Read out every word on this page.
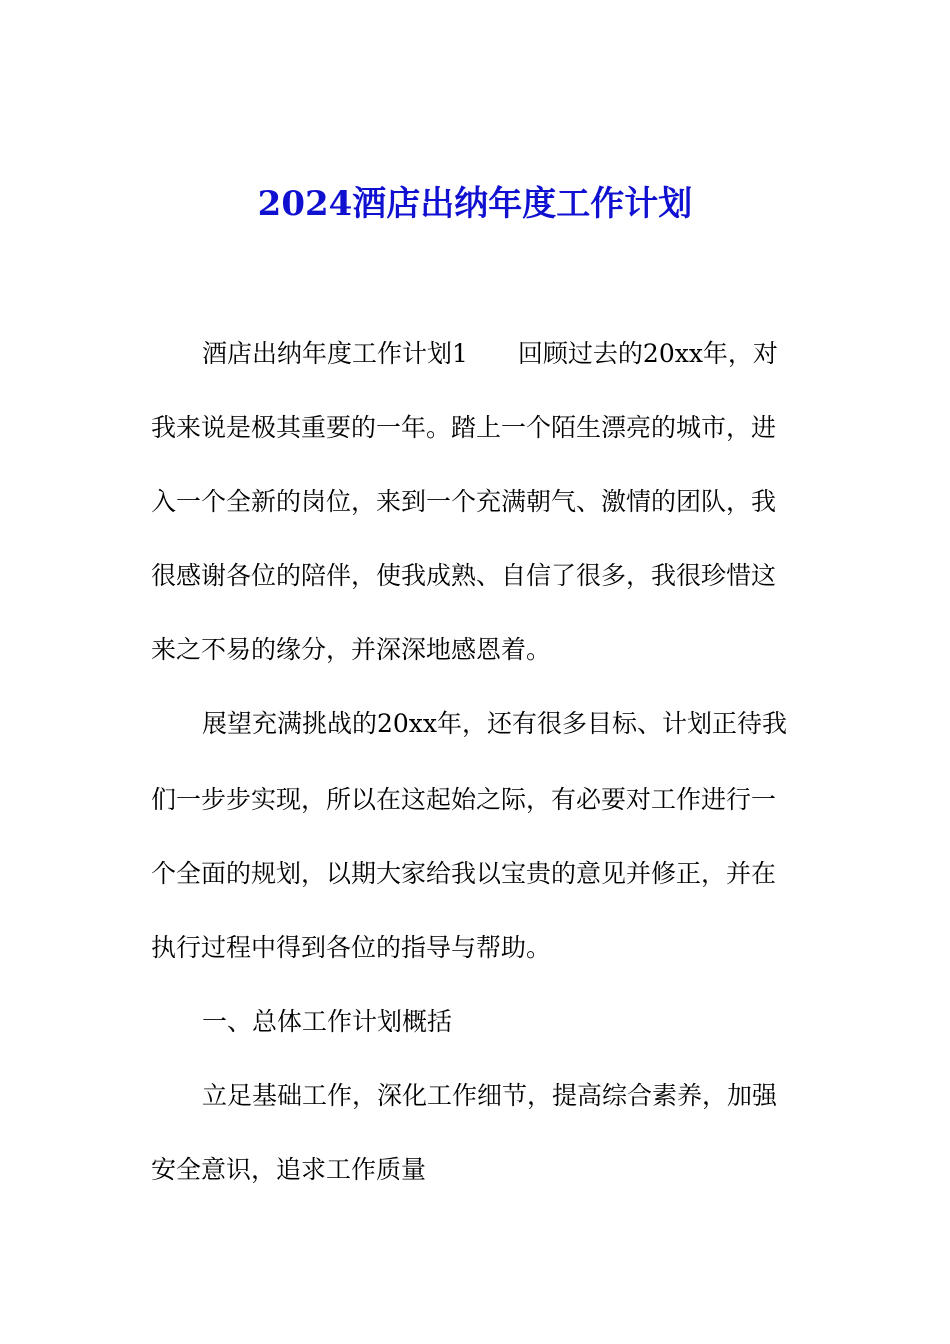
2024酒店出纳年度工作计划
酒店出纳年度工作计划1 回顾过去的20xx年，对
我来说是极其重要的一年。踏上一个陌生漂亮的城市，进
入一个全新的岗位，来到一个充满朝气、激情的团队，我
很感谢各位的陪伴，使我成熟、自信了很多，我很珍惜这
来之不易的缘分，并深深地感恩着。
展望充满挑战的20xx年，还有很多目标、计划正待我
们一步步实现，所以在这起始之际，有必要对工作进行一
个全面的规划，以期大家给我以宝贵的意见并修正，并在
执行过程中得到各位的指导与帮助。
一、总体工作计划概括
立足基础工作，深化工作细节，提高综合素养，加强
安全意识，追求工作质量
